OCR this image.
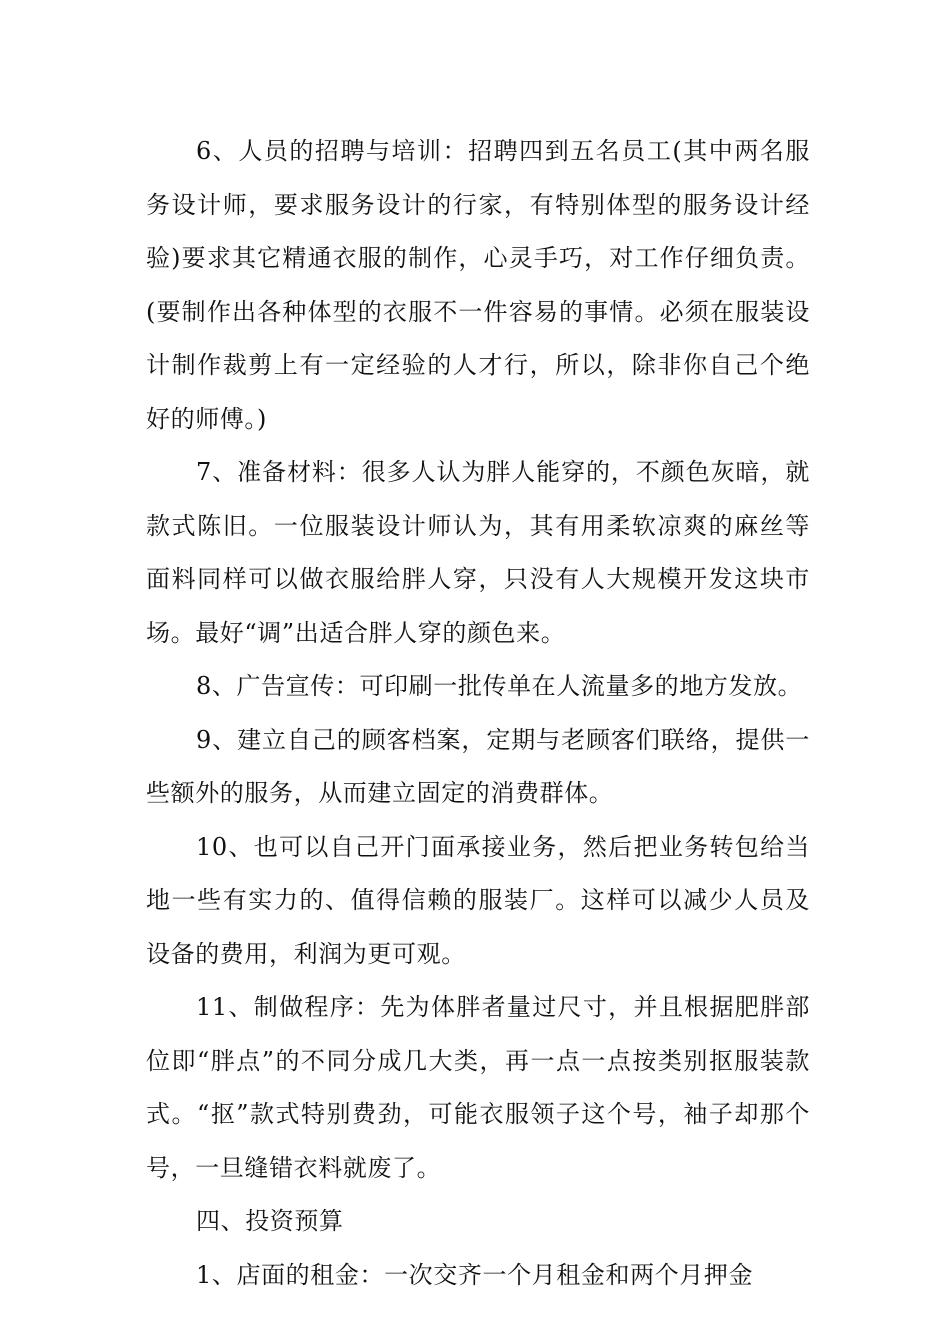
6、人员的招聘与培训：招聘四到五名员工(其中两名服务设计师，要求服务设计的行家，有特别体型的服务设计经验)要求其它精通衣服的制作，心灵手巧，对工作仔细负责。(要制作出各种体型的衣服不一件容易的事情。必须在服装设计制作裁剪上有一定经验的人才行，所以，除非你自己个绝好的师傅。)

7、准备材料：很多人认为胖人能穿的，不颜色灰暗，就款式陈旧。一位服装设计师认为，其有用柔软凉爽的麻丝等面料同样可以做衣服给胖人穿，只没有人大规模开发这块市场。最好“调”出适合胖人穿的颜色来。

8、广告宣传：可印刷一批传单在人流量多的地方发放。

9、建立自己的顾客档案，定期与老顾客们联络，提供一些额外的服务，从而建立固定的消费群体。

10、也可以自己开门面承接业务，然后把业务转包给当地一些有实力的、值得信赖的服装厂。这样可以减少人员及设备的费用，利润为更可观。

11、制做程序：先为体胖者量过尺寸，并且根据肥胖部位即“胖点”的不同分成几大类，再一点一点按类别抠服装款式。“抠”款式特别费劲，可能衣服领子这个号，袖子却那个号，一旦缝错衣料就废了。

四、投资预算

1、店面的租金：一次交齐一个月租金和两个月押金
